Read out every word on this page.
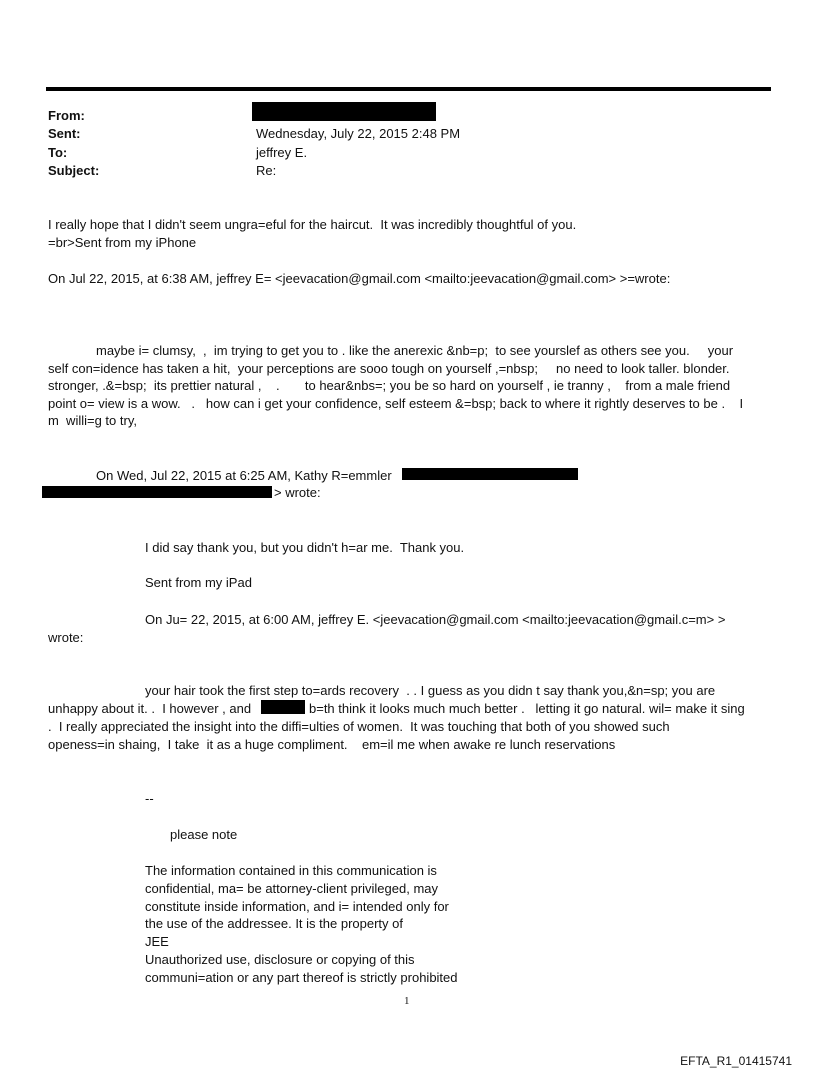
From:
Sent:
To:
Subject:
Wednesday, July 22, 2015 2:48 PM
jeffrey E.
Re:
I really hope that I didn't seem ungra=eful for the haircut.  It was incredibly thoughtful of you.
=br>Sent from my iPhone
On Jul 22, 2015, at 6:38 AM, jeffrey E= <jeevacation@gmail.com <mailto:jeevacation@gmail.com> >=wrote:
maybe i= clumsy,  ,  im trying to get you to . like the anerexic &nb=p;  to see yourslef as others see you.     your
self con=idence has taken a hit,  your perceptions are sooo tough on yourself ,=nbsp;     no need to look taller. blonder.
stronger, .&=bsp;  its prettier natural ,    .       to hear&nbs=; you be so hard on yourself , ie tranny ,    from a male friend
point o= view is a wow.   .   how can i get your confidence, self esteem &=bsp; back to where it rightly deserves to be .    I
m  willi=g to try,
On Wed, Jul 22, 2015 at 6:25 AM, Kathy R=emmler
> wrote:
I did say thank you, but you didn't h=ar me.  Thank you.
Sent from my iPad
On Ju= 22, 2015, at 6:00 AM, jeffrey E. <jeevacation@gmail.com <mailto:jeevacation@gmail.c=m> >
wrote:
your hair took the first step to=ards recovery  . . I guess as you didn t say thank you,&n=sp; you are
unhappy about it. .  I however , and	b=th think it looks much much better .   letting it go natural. wil= make it sing
.  I really appreciated the insight into the diffi=ulties of women.  It was touching that both of you showed such
openess=in shaing,  I take  it as a huge compliment.    em=il me when awake re lunch reservations
--
please note
The information contained in this communication is
confidential, ma= be attorney-client privileged, may
constitute inside information, and i= intended only for
the use of the addressee. It is the property of
JEE
Unauthorized use, disclosure or copying of this
communi=ation or any part thereof is strictly prohibited
1
EFTA_R1_01415741
